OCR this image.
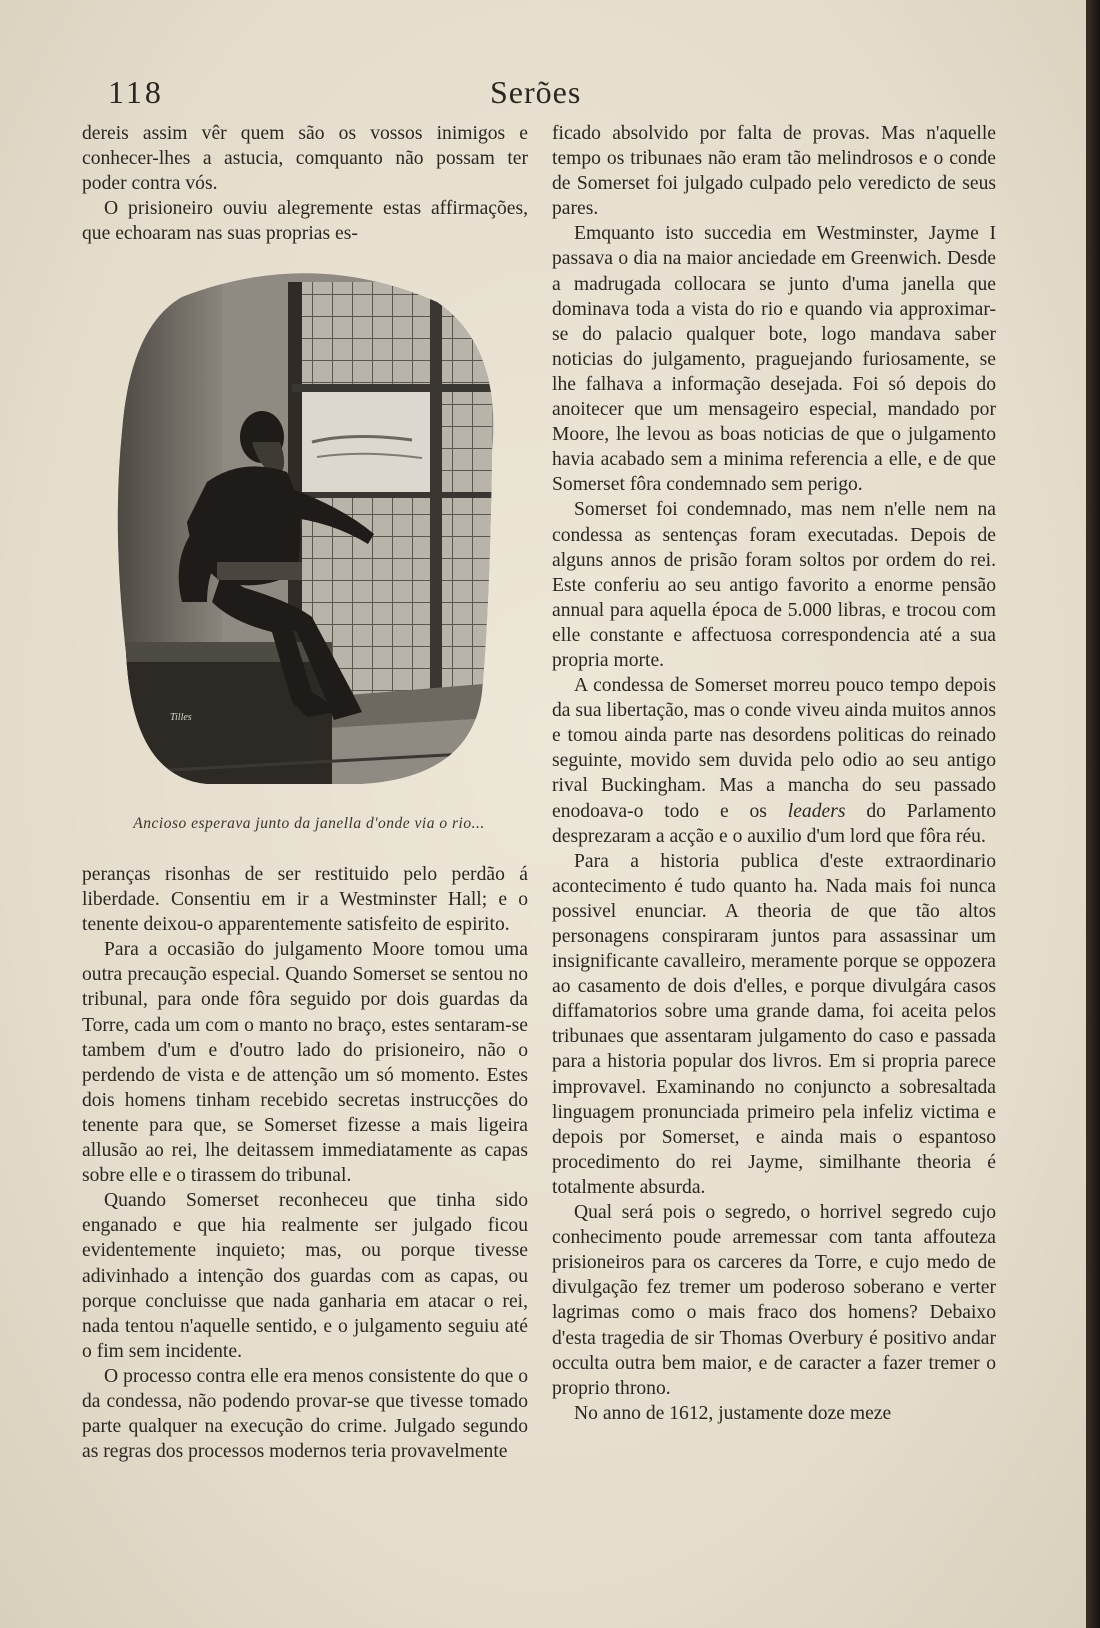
118	Serões

dereis assim vêr quem são os vossos inimigos e conhecer-lhes a astucia, comquanto não possam ter poder contra vós.

O prisioneiro ouviu alegremente estas affirmações, que echoaram nas suas proprias es-

Tilles
Ancioso esperava junto da janella d'onde via o rio...

peranças risonhas de ser restituido pelo perdão á liberdade. Consentiu em ir a Westminster Hall; e o tenente deixou-o apparentemente satisfeito de espirito.

Para a occasião do julgamento Moore tomou uma outra precaução especial. Quando Somerset se sentou no tribunal, para onde fôra seguido por dois guardas da Torre, cada um com o manto no braço, estes sentaram-se tambem d'um e d'outro lado do prisioneiro, não o perdendo de vista e de attenção um só momento. Estes dois homens tinham recebido secretas instrucções do tenente para que, se Somerset fizesse a mais ligeira allusão ao rei, lhe deitassem immediatamente as capas sobre elle e o tirassem do tribunal.

Quando Somerset reconheceu que tinha sido enganado e que hia realmente ser julgado ficou evidentemente inquieto; mas, ou porque tivesse adivinhado a intenção dos guardas com as capas, ou porque concluisse que nada ganharia em atacar o rei, nada tentou n'aquelle sentido, e o julgamento seguiu até o fim sem incidente.

O processo contra elle era menos consistente do que o da condessa, não podendo provar-se que tivesse tomado parte qualquer na execução do crime. Julgado segundo as regras dos processos modernos teria provavelmente

ficado absolvido por falta de provas. Mas n'aquelle tempo os tribunaes não eram tão melindrosos e o conde de Somerset foi julgado culpado pelo veredicto de seus pares.

Emquanto isto succedia em Westminster, Jayme I passava o dia na maior anciedade em Greenwich. Desde a madrugada collocara se junto d'uma janella que dominava toda a vista do rio e quando via approximar-se do palacio qualquer bote, logo mandava saber noticias do julgamento, praguejando furiosamente, se lhe falhava a informação desejada. Foi só depois do anoitecer que um mensageiro especial, mandado por Moore, lhe levou as boas noticias de que o julgamento havia acabado sem a minima referencia a elle, e de que Somerset fôra condemnado sem perigo.

Somerset foi condemnado, mas nem n'elle nem na condessa as sentenças foram executadas. Depois de alguns annos de prisão foram soltos por ordem do rei. Este conferiu ao seu antigo favorito a enorme pensão annual para aquella época de 5.000 libras, e trocou com elle constante e affectuosa correspondencia até a sua propria morte.

A condessa de Somerset morreu pouco tempo depois da sua libertação, mas o conde viveu ainda muitos annos e tomou ainda parte nas desordens politicas do reinado seguinte, movido sem duvida pelo odio ao seu antigo rival Buckingham. Mas a mancha do seu passado enodoava-o todo e os leaders do Parlamento desprezaram a acção e o auxilio d'um lord que fôra réu.

Para a historia publica d'este extraordinario acontecimento é tudo quanto ha. Nada mais foi nunca possivel enunciar. A theoria de que tão altos personagens conspiraram juntos para assassinar um insignificante cavalleiro, meramente porque se oppozera ao casamento de dois d'elles, e porque divulgára casos diffamatorios sobre uma grande dama, foi aceita pelos tribunaes que assentaram julgamento do caso e passada para a historia popular dos livros. Em si propria parece improvavel. Examinando no conjuncto a sobresaltada linguagem pronunciada primeiro pela infeliz victima e depois por Somerset, e ainda mais o espantoso procedimento do rei Jayme, similhante theoria é totalmente absurda.

Qual será pois o segredo, o horrivel segredo cujo conhecimento poude arremessar com tanta affouteza prisioneiros para os carceres da Torre, e cujo medo de divulgação fez tremer um poderoso soberano e verter lagrimas como o mais fraco dos homens? Debaixo d'esta tragedia de sir Thomas Overbury é positivo andar occulta outra bem maior, e de caracter a fazer tremer o proprio throno.

No anno de 1612, justamente doze meze
